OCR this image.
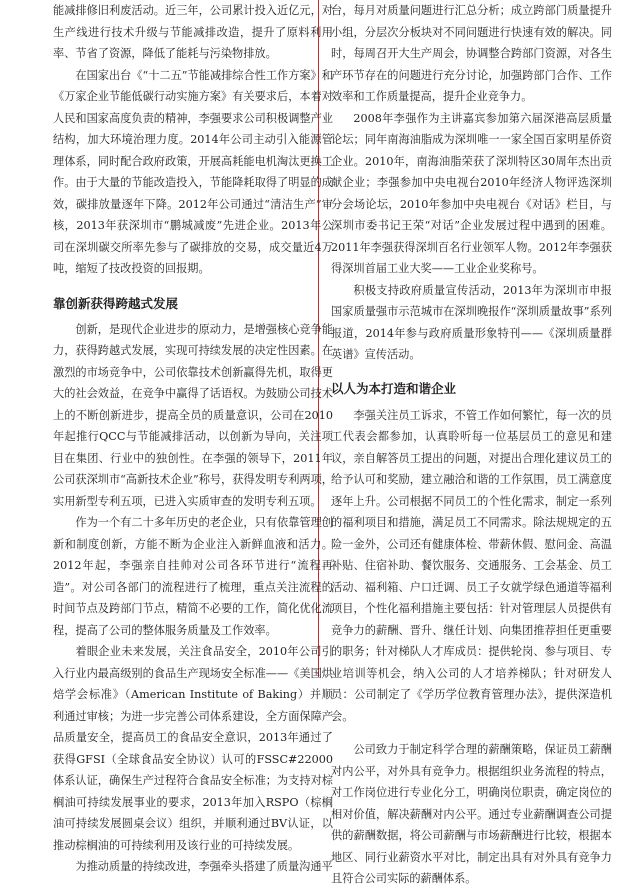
能减排修旧利废活动。近三年，公司累计投入近亿元，对生产线进行技术升级与节能减排改造，提升了原料利用率、节省了资源，降低了能耗与污染物排放。

在国家出台《“十二五”节能减排综合性工作方案》和《万家企业节能低碳行动实施方案》有关要求后，本着对人民和国家高度负责的精神，李强要求公司积极调整产业结构，加大环境治理力度。2014年公司主动引入能源管理体系，同时配合政府政策，开展高耗能电机淘汰更换工作。由于大量的节能改造投入，节能降耗取得了明显的成效，碳排放量逐年下降。2012年公司通过“清洁生产”审核，2013年获深圳市“鹏城减废”先进企业。2013年公司在深圳碳交所率先参与了碳排放的交易，成交量近4万吨，缩短了技改投资的回报期。

靠创新获得跨越式发展

创新，是现代企业进步的原动力，是增强核心竞争能力，获得跨越式发展，实现可持续发展的决定性因素。在激烈的市场竞争中，公司依靠技术创新赢得先机，取得更大的社会效益，在竞争中赢得了话语权。为鼓励公司技术上的不断创新进步，提高全员的质量意识，公司在2010年起推行QCC与节能减排活动，以创新为导向，关注项目在集团、行业中的独创性。在李强的领导下，2011年公司获深圳市“高新技术企业”称号，获得发明专利两项，实用新型专利五项，已进入实质审查的发明专利五项。

作为一个有二十多年历史的老企业，只有依靠管理创新和制度创新，方能不断为企业注入新鲜血液和活力。2012年起，李强亲自挂帅对公司各环节进行“流程再造”。对公司各部门的流程进行了梳理，重点关注流程的时间节点及跨部门节点，精简不必要的工作，简化优化流程，提高了公司的整体服务质量及工作效率。

着眼企业未来发展，关注食品安全，2010年公司引入行业内最高级别的食品生产现场安全标准——《美国烘焙学会标准》（American Institute of Baking）并顺利通过审核；为进一步完善公司体系建设，全方面保障产品质量安全，提高员工的食品安全意识，2013年通过了获得GFSI（全球食品安全协议）认可的FSSC#22000体系认证，确保生产过程符合食品安全标准；为支持对棕榈油可持续发展事业的要求，2013年加入RSPO（棕榈油可持续发展圆桌会议）组织，并顺利通过BV认证，以推动棕榈油的可持续利用及该行业的可持续发展。

为推动质量的持续改进，李强牵头搭建了质量沟通平

台，每月对质量问题进行汇总分析；成立跨部门质量提升小组，分层次分板块对不同问题进行快速有效的解决。同时，每周召开大生产周会，协调整合跨部门资源，对各生产环节存在的问题进行充分讨论，加强跨部门合作、工作效率和工作质量提高，提升企业竞争力。

2008年李强作为主讲嘉宾参加第六届深港高层质量论坛；同年南海油脂成为深圳唯一一家全国百家明星侨资企业。2010年，南海油脂荣获了深圳特区30周年杰出贡献企业；李强参加中央电视台2010年经济人物评选深圳分会场论坛，2010年参加中央电视台《对话》栏目，与深圳市委书记王荣“对话”企业发展过程中遇到的困难。2011年李强获得深圳百名行业领军人物。2012年李强获得深圳首届工业大奖——工业企业奖称号。

积极支持政府质量宣传活动，2013年为深圳市申报国家质量强市示范城市在深圳晚报作“深圳质量故事”系列报道，2014年参与政府质量形象特刊——《深圳质量群英谱》宣传活动。

以人为本打造和谐企业

李强关注员工诉求，不管工作如何繁忙，每一次的员工代表会都参加，认真聆听每一位基层员工的意见和建议，亲自解答员工提出的问题，对提出合理化建议员工的给予认可和奖励，建立融洽和谐的工作氛围，员工满意度逐年上升。公司根据不同员工的个性化需求，制定一系列的福利项目和措施，满足员工不同需求。除法规规定的五险一金外，公司还有健康体检、带薪休假、慰问金、高温补贴、住宿补助、餐饮服务、交通服务、工会基金、员工活动、福利箱、户口迁调、员工子女就学绿色通道等福利项目，个性化福利措施主要包括：针对管理层人员提供有竞争力的薪酬、晋升、继任计划、向集团推荐担任更重要的职务；针对梯队人才库成员：提供轮岗、参与项目、专业培训等机会，纳入公司的人才培养梯队；针对研发人员：公司制定了《学历学位教育管理办法》，提供深造机会。

公司致力于制定科学合理的薪酬策略，保证员工薪酬对内公平，对外具有竞争力。根据组织业务流程的特点，对工作岗位进行专业化分工，明确岗位职责，确定岗位的相对价值，解决薪酬对内公平。通过专业薪酬调查公司提供的薪酬数据，将公司薪酬与市场薪酬进行比较，根据本地区、同行业薪资水平对比，制定出具有对外具有竞争力且符合公司实际的薪酬体系。
